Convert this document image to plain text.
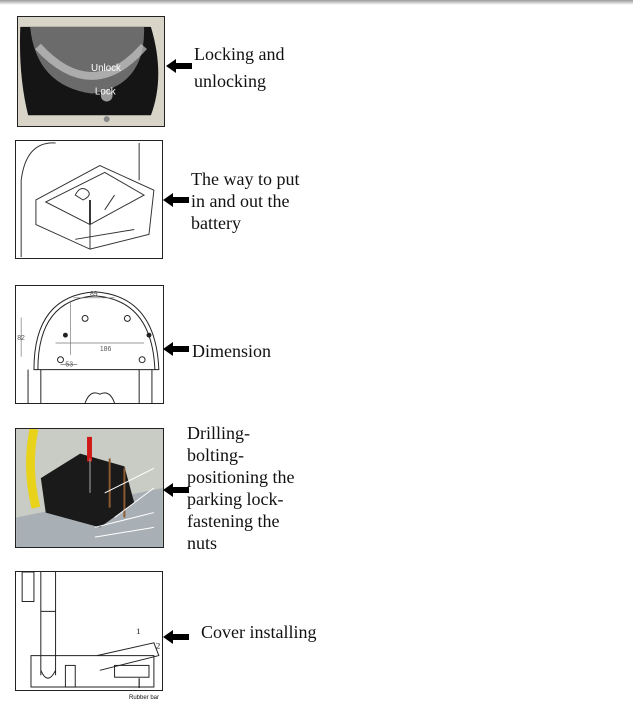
Unlock
Lock
Locking and
unlocking
The way to put
in and out the
battery
89
82
186
53
Dimension
Drilling-
bolting-
positioning the
parking lock-
fastening the
nuts
1
2
Rubber bar
Cover installing
